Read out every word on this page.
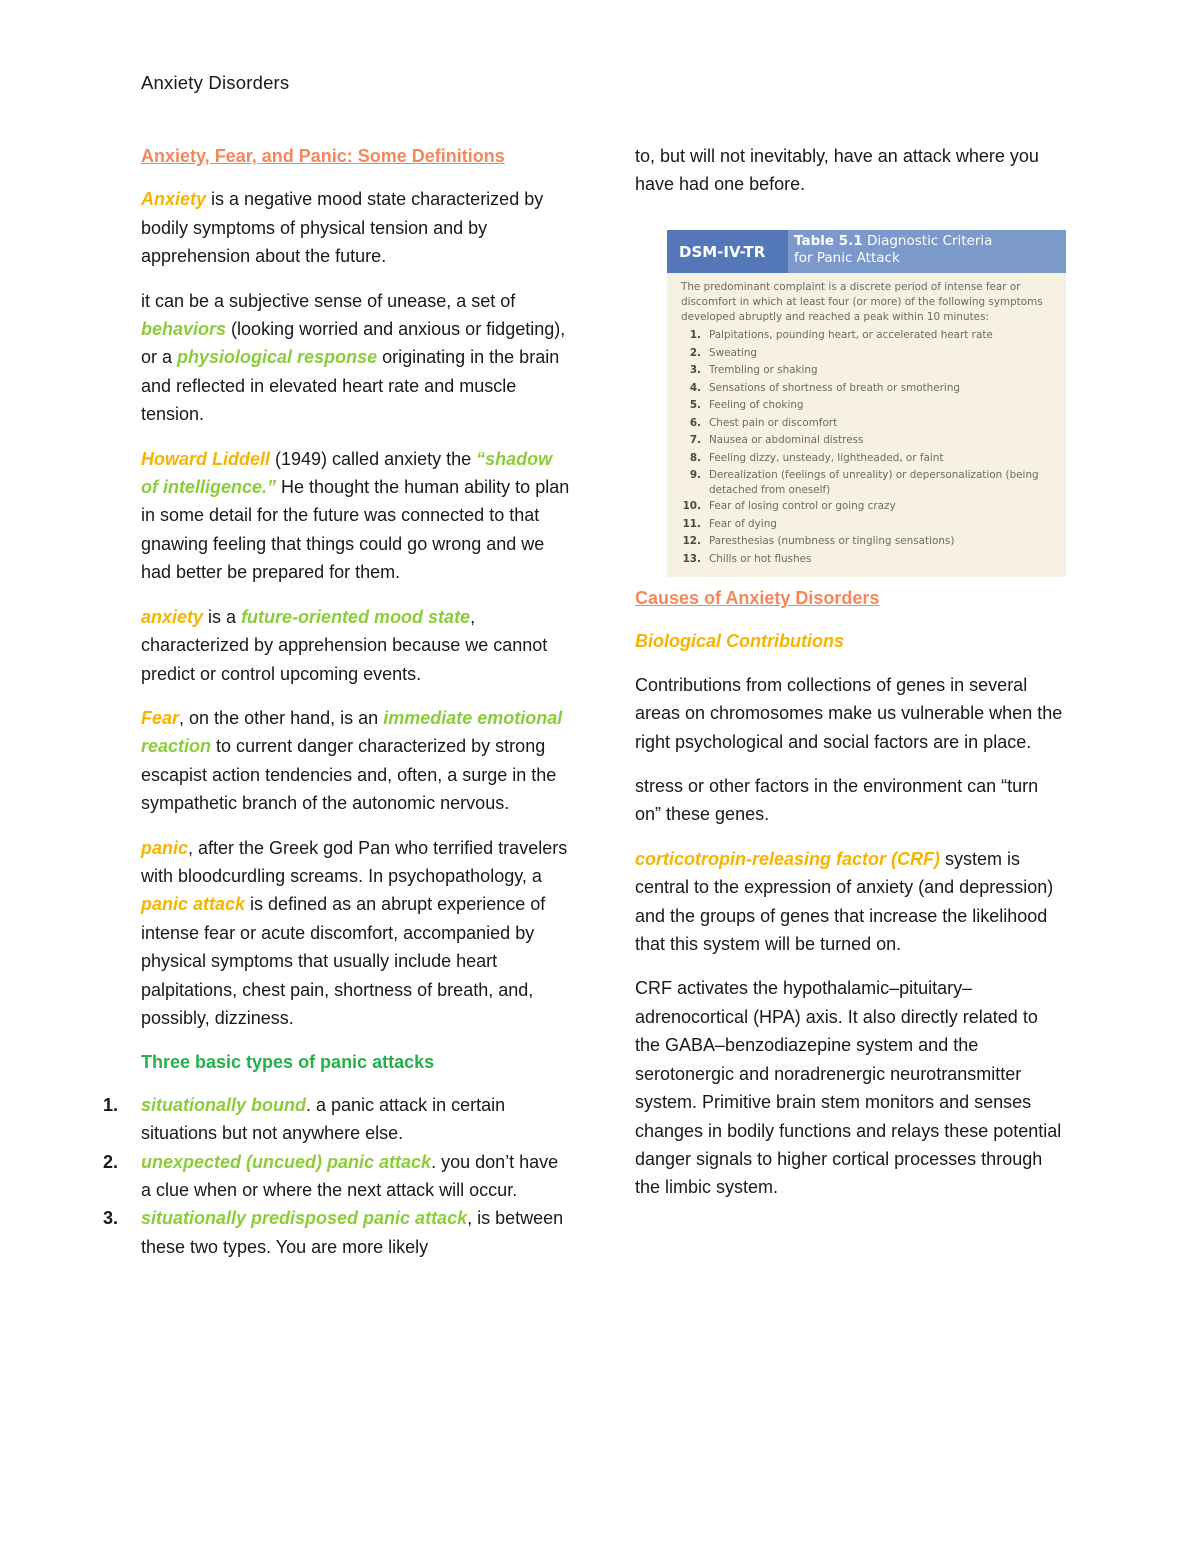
Anxiety Disorders

Anxiety, Fear, and Panic: Some Definitions

Anxiety is a negative mood state characterized by bodily symptoms of physical tension and by apprehension about the future.

it can be a subjective sense of unease, a set of behaviors (looking worried and anxious or fidgeting), or a physiological response originating in the brain and reflected in elevated heart rate and muscle tension.

Howard Liddell (1949) called anxiety the “shadow of intelligence.” He thought the human ability to plan in some detail for the future was connected to that gnawing feeling that things could go wrong and we had better be prepared for them.

anxiety is a future-oriented mood state, characterized by apprehension because we cannot predict or control upcoming events.

Fear, on the other hand, is an immediate emotional reaction to current danger characterized by strong escapist action tendencies and, often, a surge in the sympathetic branch of the autonomic nervous.

panic, after the Greek god Pan who terrified travelers with bloodcurdling screams. In psychopathology, a panic attack is defined as an abrupt experience of intense fear or acute discomfort, accompanied by physical symptoms that usually include heart palpitations, chest pain, shortness of breath, and, possibly, dizziness.

Three basic types of panic attacks

1. situationally bound. a panic attack in certain situations but not anywhere else.
2. unexpected (uncued) panic attack. you don’t have a clue when or where the next attack will occur.
3. situationally predisposed panic attack, is between these two types. You are more likely

to, but will not inevitably, have an attack where you have had one before.

DSM-IV-TR
Table 5.1 Diagnostic Criteria
for Panic Attack
The predominant complaint is a discrete period of intense fear or discomfort in which at least four (or more) of the following symptoms developed abruptly and reached a peak within 10 minutes:
1. Palpitations, pounding heart, or accelerated heart rate
2. Sweating
3. Trembling or shaking
4. Sensations of shortness of breath or smothering
5. Feeling of choking
6. Chest pain or discomfort
7. Nausea or abdominal distress
8. Feeling dizzy, unsteady, lightheaded, or faint
9. Derealization (feelings of unreality) or depersonalization (being detached from oneself)
10. Fear of losing control or going crazy
11. Fear of dying
12. Paresthesias (numbness or tingling sensations)
13. Chills or hot flushes

Causes of Anxiety Disorders

Biological Contributions

Contributions from collections of genes in several areas on chromosomes make us vulnerable when the right psychological and social factors are in place.

stress or other factors in the environment can “turn on” these genes.

corticotropin-releasing factor (CRF) system is central to the expression of anxiety (and depression) and the groups of genes that increase the likelihood that this system will be turned on.

CRF activates the hypothalamic–pituitary–adrenocortical (HPA) axis. It also directly related to the GABA–benzodiazepine system and the serotonergic and noradrenergic neurotransmitter system. Primitive brain stem monitors and senses changes in bodily functions and relays these potential danger signals to higher cortical processes through the limbic system.
